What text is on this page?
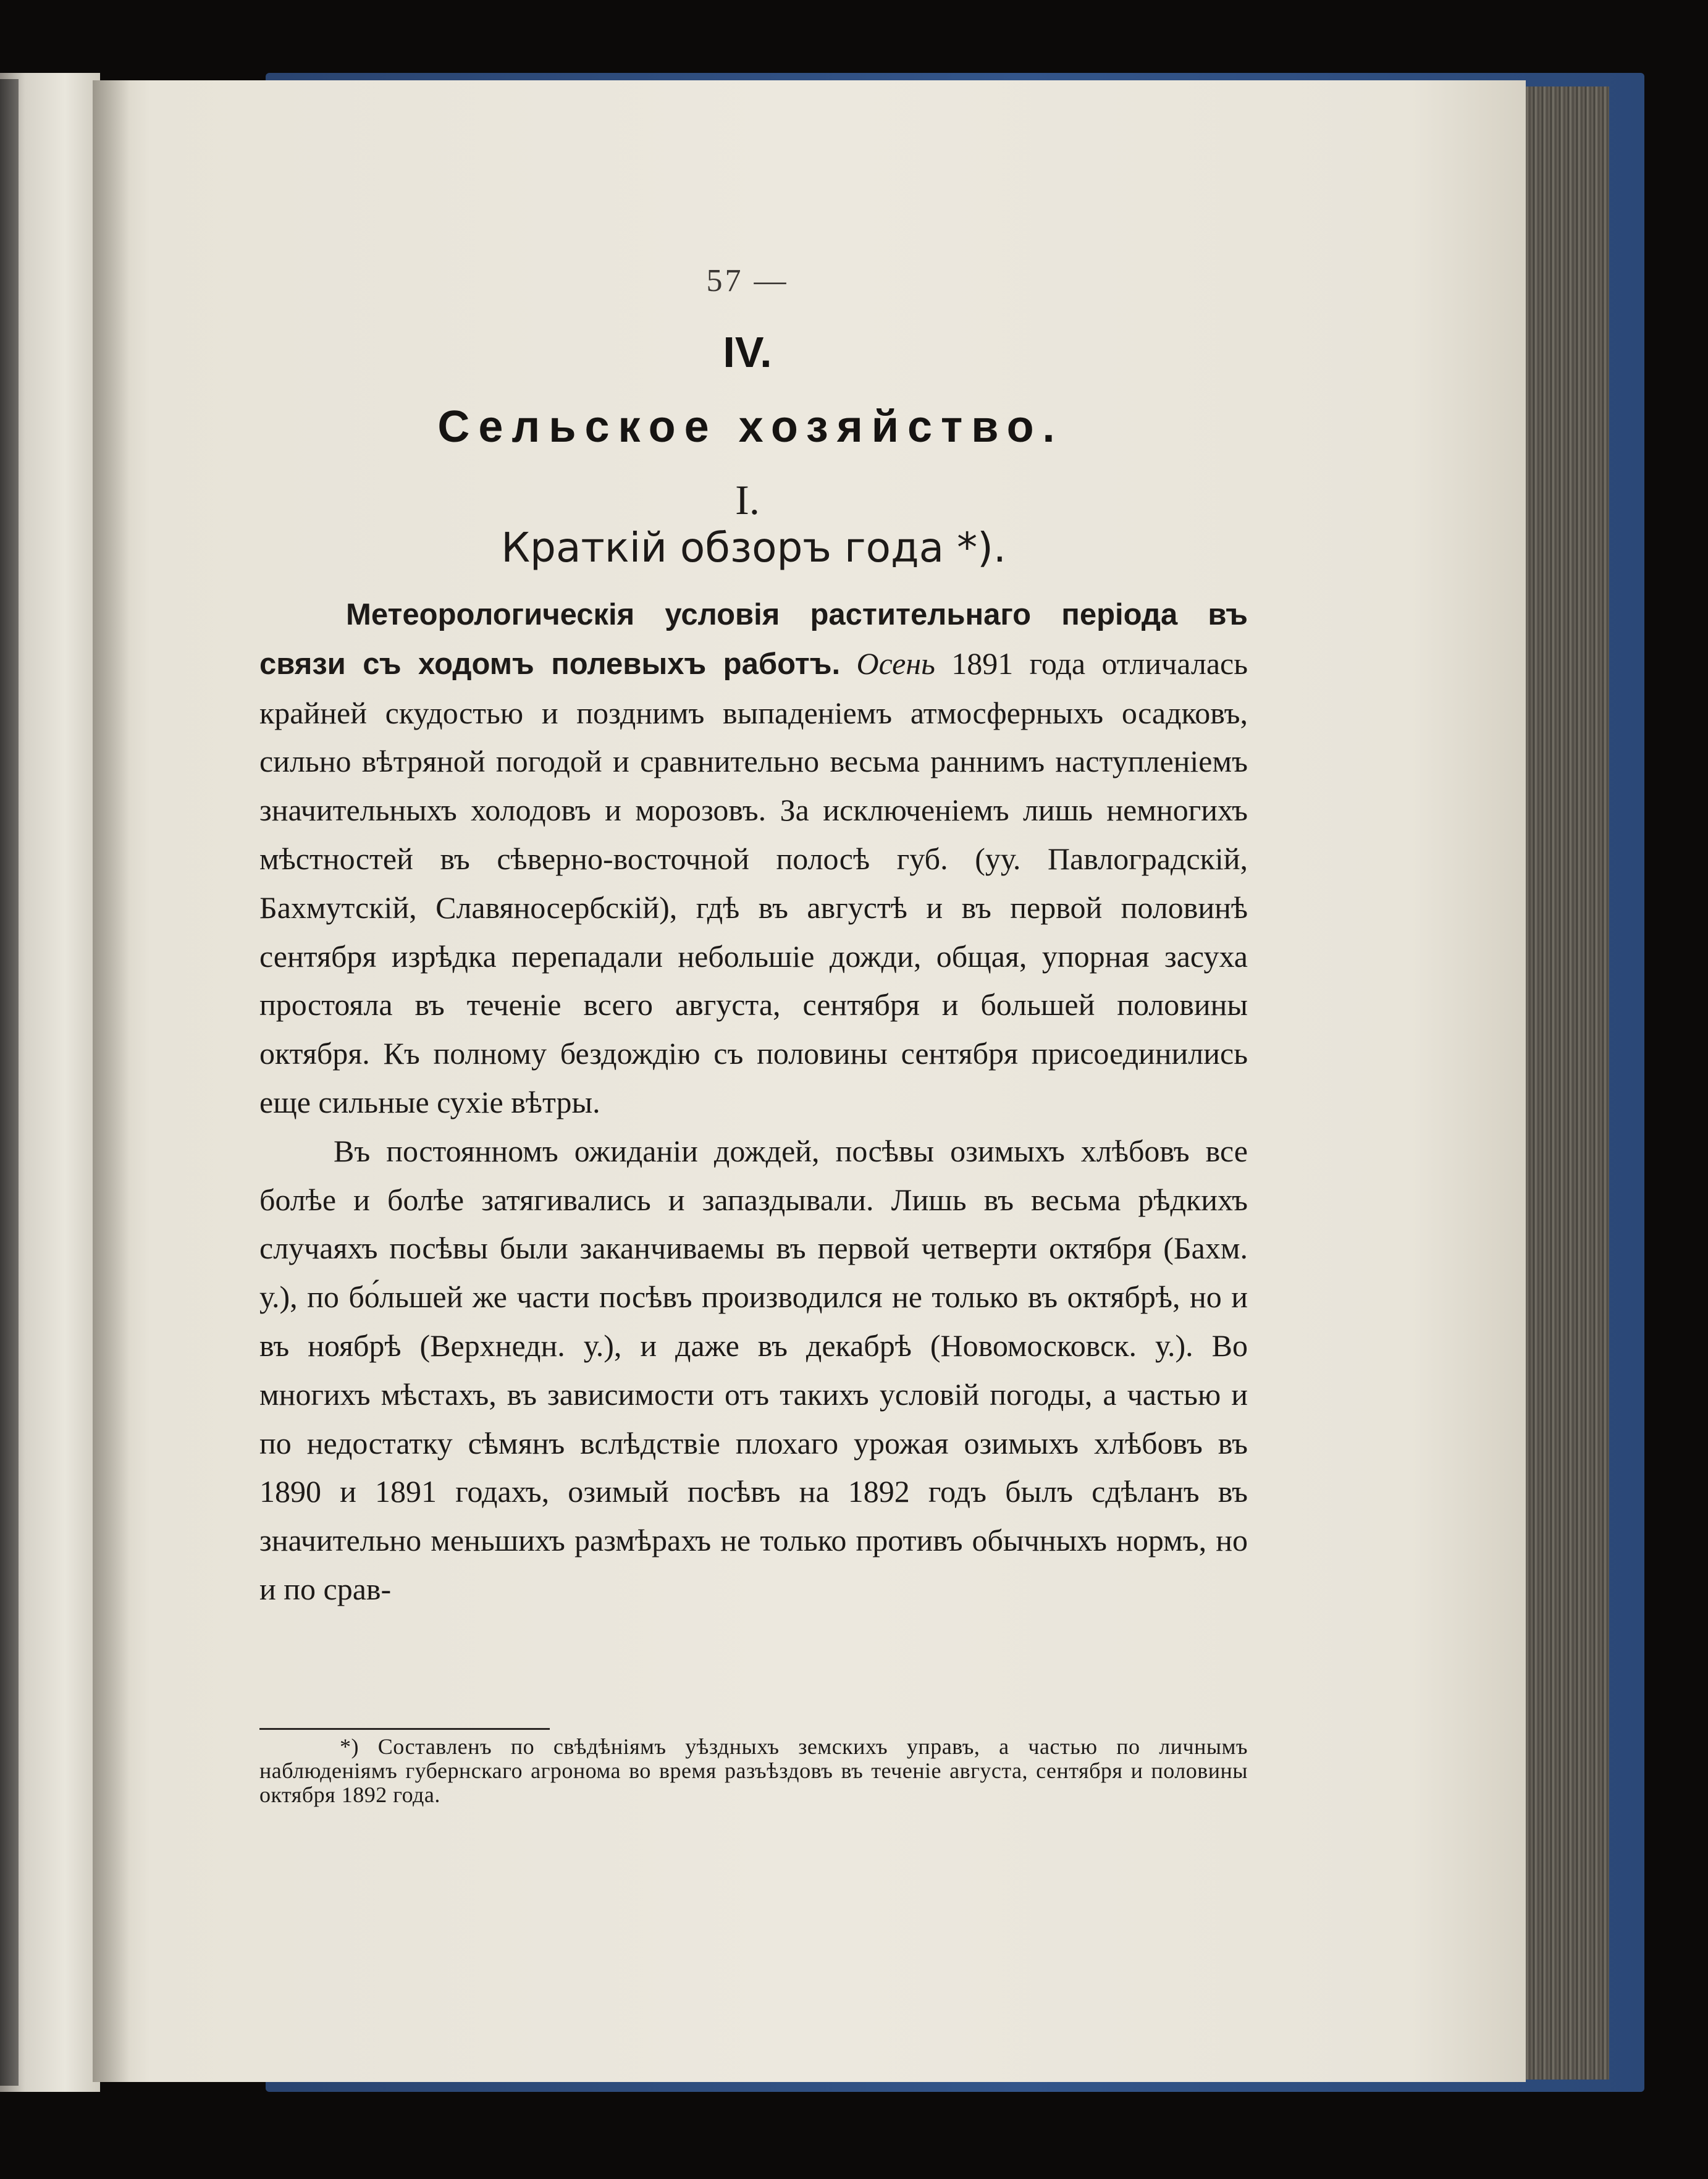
57 —
IV.
Сельское хозяйство.
I.
Краткій обзоръ года *).

Метеорологическія условія растительнаго періода въ связи съ ходомъ полевыхъ работъ. Осень 1891 года отличалась крайней скудостью и позднимъ выпаденіемъ атмосферныхъ осадковъ, сильно вѣтряной погодой и сравнительно весьма раннимъ наступленіемъ значительныхъ холодовъ и морозовъ. За исключеніемъ лишь немногихъ мѣстностей въ сѣверно-восточной полосѣ губ. (уу. Павлоградскій, Бахмутскій, Славяносербскій), гдѣ въ августѣ и въ первой половинѣ сентября изрѣдка перепадали небольшіе дожди, общая, упорная засуха простояла въ теченіе всего августа, сентября и большей половины октября. Къ полному бездождію съ половины сентября присоединились еще сильные сухіе вѣтры.

Въ постоянномъ ожиданіи дождей, посѣвы озимыхъ хлѣбовъ все болѣе и болѣе затягивались и запаздывали. Лишь въ весьма рѣдкихъ случаяхъ посѣвы были заканчиваемы въ первой четверти октября (Бахм. у.), по бо́льшей же части посѣвъ производился не только въ октябрѣ, но и въ ноябрѣ (Верхнедн. у.), и даже въ декабрѣ (Новомосковск. у.). Во многихъ мѣстахъ, въ зависимости отъ такихъ условій погоды, а частью и по недостатку сѣмянъ вслѣдствіе плохаго урожая озимыхъ хлѣбовъ въ 1890 и 1891 годахъ, озимый посѣвъ на 1892 годъ былъ сдѣланъ въ значительно меньшихъ размѣрахъ не только противъ обычныхъ нормъ, но и по срав-

*) Составленъ по свѣдѣніямъ уѣздныхъ земскихъ управъ, а частью по личнымъ наблюденіямъ губернскаго агронома во время разъѣздовъ въ теченіе августа, сентября и половины октября 1892 года.
